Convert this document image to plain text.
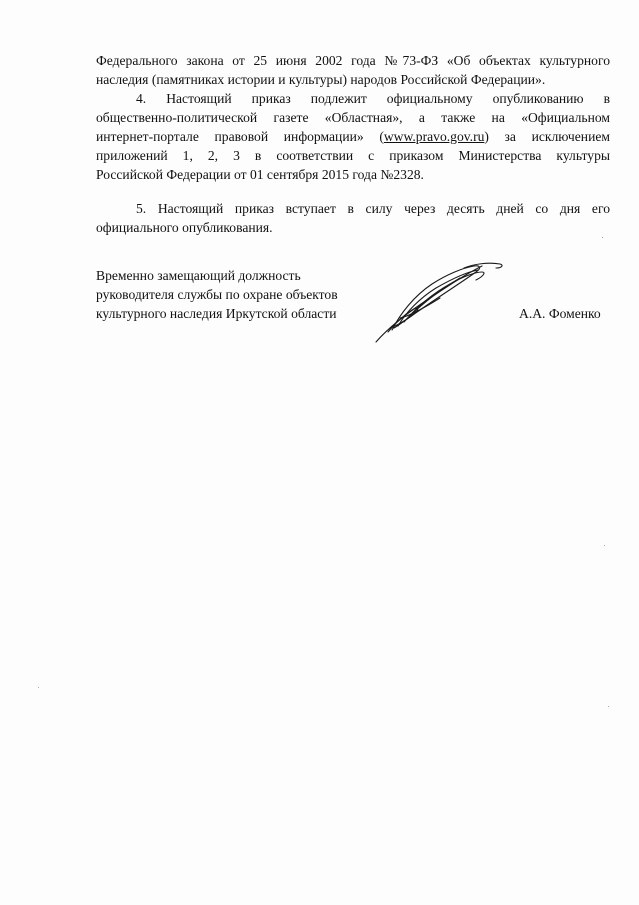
Федерального закона от 25 июня 2002 года №73-ФЗ «Об объектах культурного
наследия (памятниках истории и культуры) народов Российской Федерации».

4. Настоящий приказ подлежит официальному опубликованию в
общественно-политической газете «Областная», а также на «Официальном
интернет-портале правовой информации» (www.pravo.gov.ru) за исключением
приложений 1, 2, 3 в соответствии с приказом Министерства культуры
Российской Федерации от 01 сентября 2015 года №2328.

5. Настоящий приказ вступает в силу через десять дней со дня его
официального опубликования.

Временно замещающий должность
руководителя службы по охране объектов
культурного наследия Иркутской области	А.А. Фоменко
